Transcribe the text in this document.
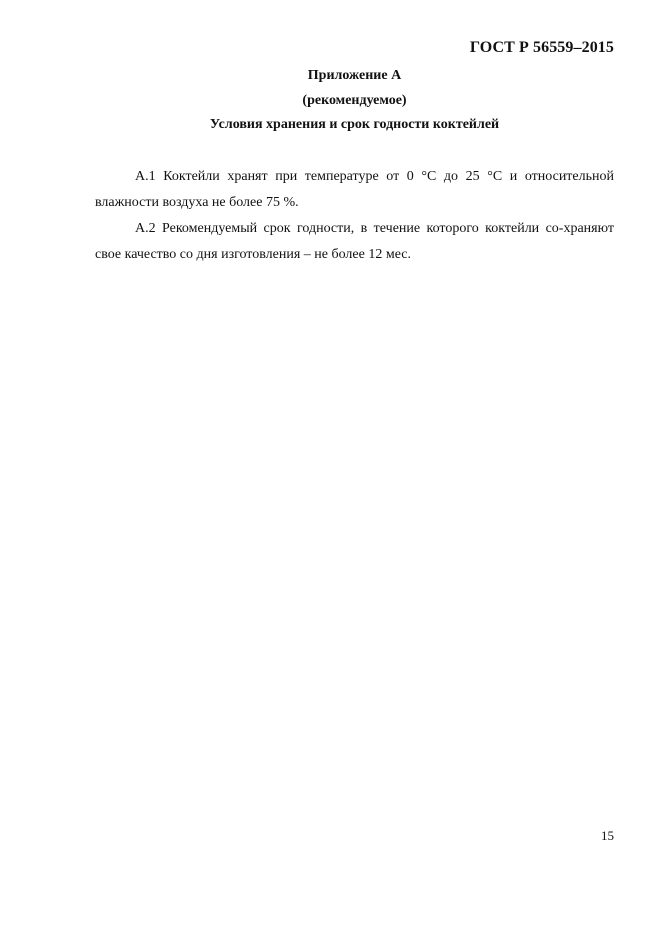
ГОСТ Р 56559–2015
Приложение А
(рекомендуемое)
Условия хранения и срок годности коктейлей

А.1 Коктейли хранят при температуре от 0 °С до 25 °С и относительной влажности воздуха не более 75 %.

А.2 Рекомендуемый срок годности, в течение которого коктейли со-храняют свое качество со дня изготовления – не более 12 мес.

15
